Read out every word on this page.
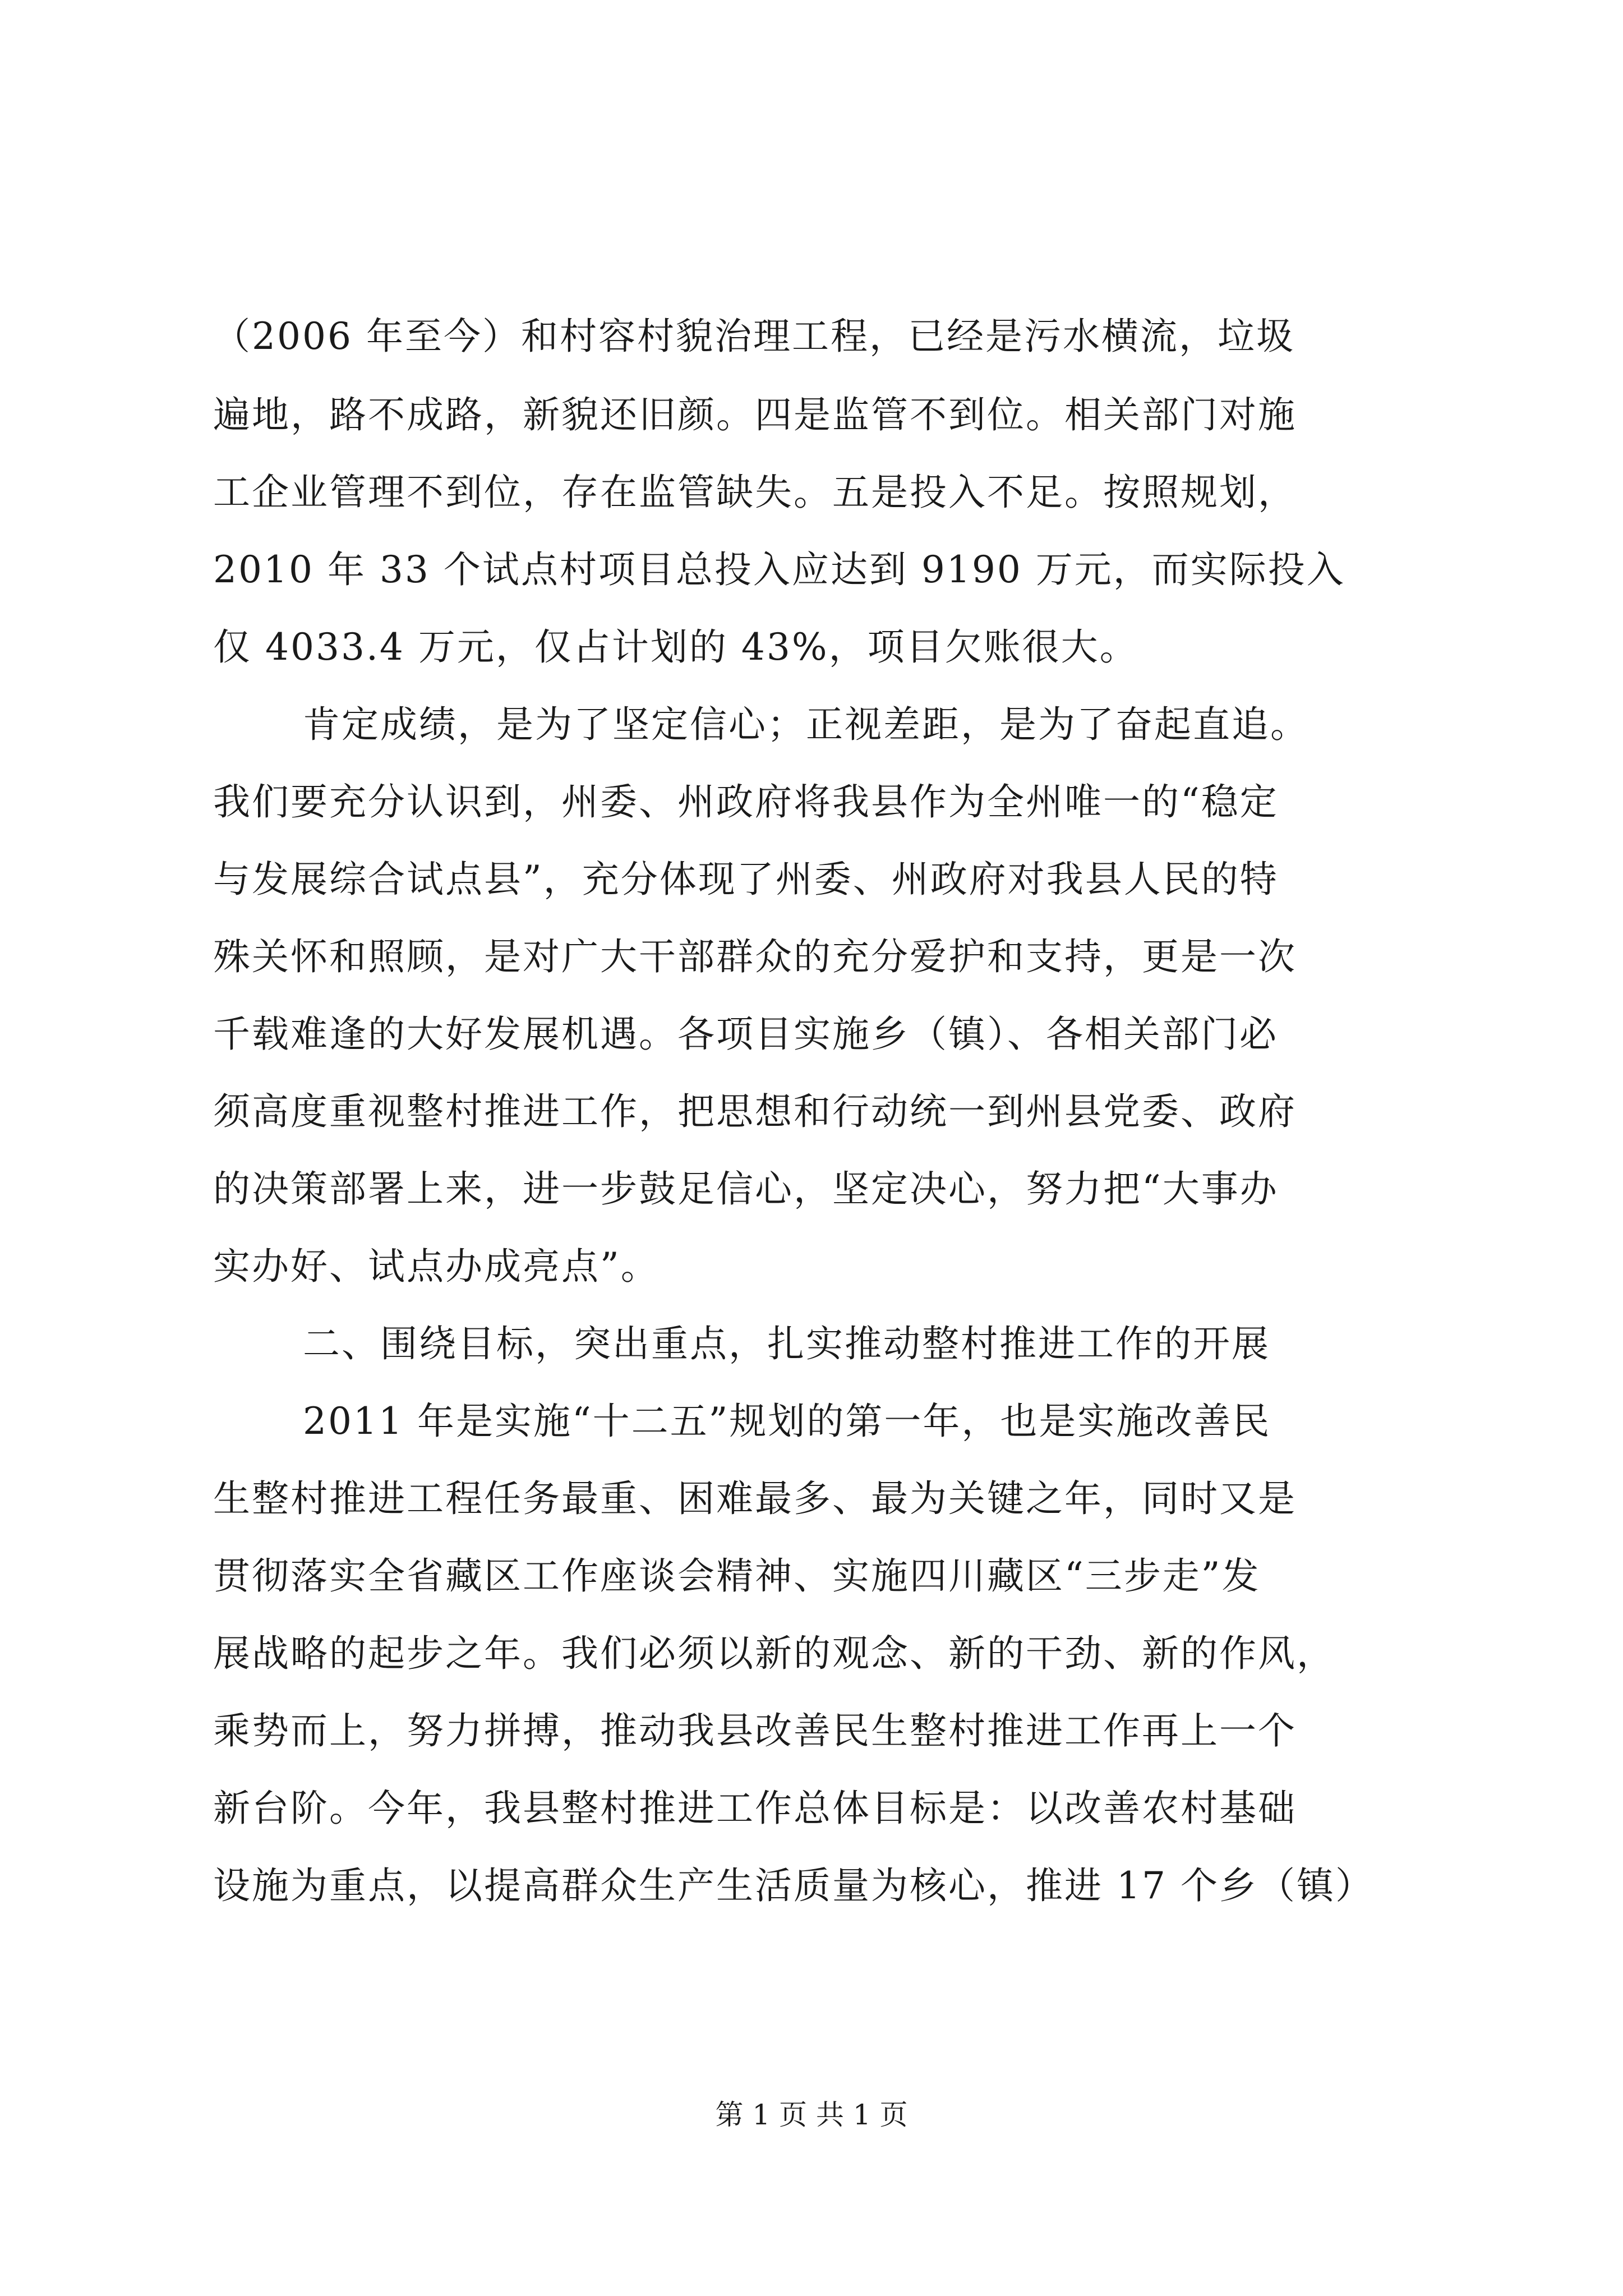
（2006 年至今）和村容村貌治理工程，已经是污水横流，垃圾
遍地，路不成路，新貌还旧颜。四是监管不到位。相关部门对施
工企业管理不到位，存在监管缺失。五是投入不足。按照规划，
2010 年 33 个试点村项目总投入应达到 9190 万元，而实际投入
仅 4033.4 万元，仅占计划的 43%，项目欠账很大。
肯定成绩，是为了坚定信心；正视差距，是为了奋起直追。
我们要充分认识到，州委、州政府将我县作为全州唯一的“稳定
与发展综合试点县”，充分体现了州委、州政府对我县人民的特
殊关怀和照顾，是对广大干部群众的充分爱护和支持，更是一次
千载难逢的大好发展机遇。各项目实施乡（镇）、各相关部门必
须高度重视整村推进工作，把思想和行动统一到州县党委、政府
的决策部署上来，进一步鼓足信心，坚定决心，努力把“大事办
实办好、试点办成亮点”。
二、围绕目标，突出重点，扎实推动整村推进工作的开展
2011 年是实施“十二五”规划的第一年，也是实施改善民
生整村推进工程任务最重、困难最多、最为关键之年，同时又是
贯彻落实全省藏区工作座谈会精神、实施四川藏区“三步走”发
展战略的起步之年。我们必须以新的观念、新的干劲、新的作风，
乘势而上，努力拼搏，推动我县改善民生整村推进工作再上一个
新台阶。今年，我县整村推进工作总体目标是：以改善农村基础
设施为重点，以提高群众生产生活质量为核心，推进 17 个乡（镇）
第 1 页 共 1 页
